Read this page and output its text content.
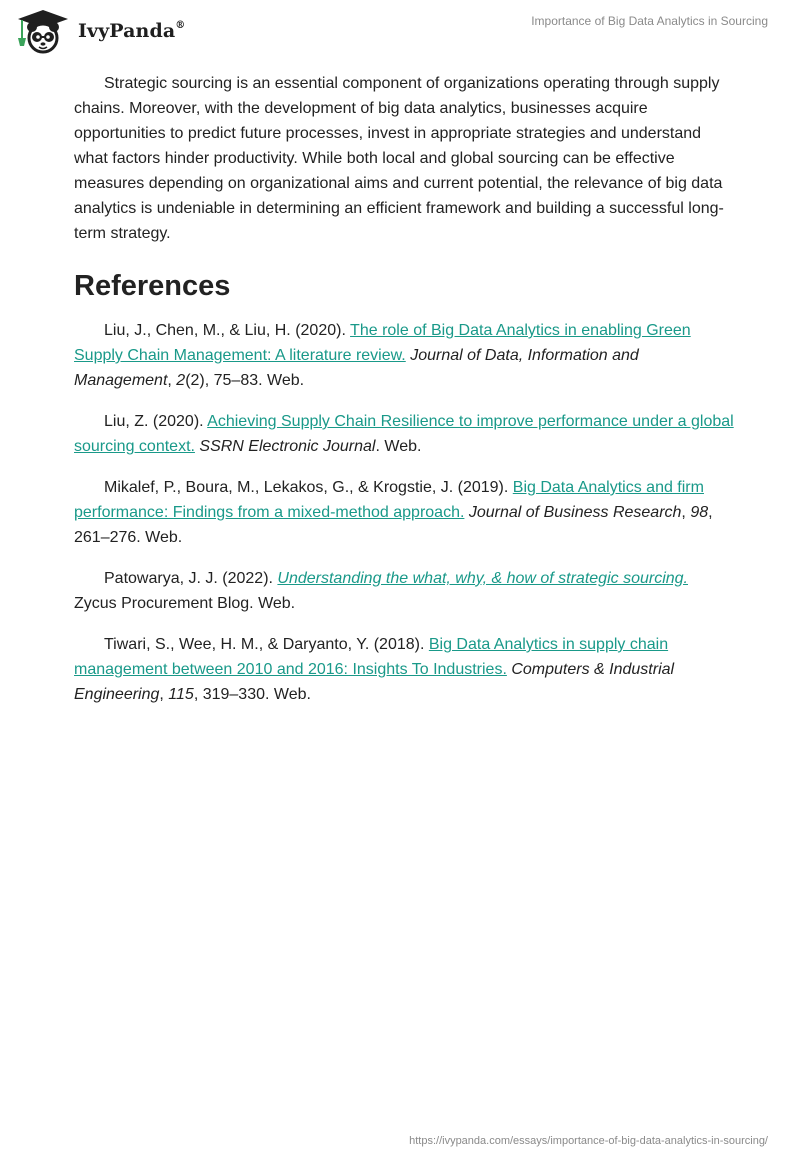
IvyPanda®	Importance of Big Data Analytics in Sourcing

Strategic sourcing is an essential component of organizations operating through supply chains. Moreover, with the development of big data analytics, businesses acquire opportunities to predict future processes, invest in appropriate strategies and understand what factors hinder productivity. While both local and global sourcing can be effective measures depending on organizational aims and current potential, the relevance of big data analytics is undeniable in determining an efficient framework and building a successful long-term strategy.

References

Liu, J., Chen, M., & Liu, H. (2020). The role of Big Data Analytics in enabling Green Supply Chain Management: A literature review. Journal of Data, Information and Management, 2(2), 75–83. Web.

Liu, Z. (2020). Achieving Supply Chain Resilience to improve performance under a global sourcing context. SSRN Electronic Journal. Web.

Mikalef, P., Boura, M., Lekakos, G., & Krogstie, J. (2019). Big Data Analytics and firm performance: Findings from a mixed-method approach. Journal of Business Research, 98, 261–276. Web.

Patowarya, J. J. (2022). Understanding the what, why, & how of strategic sourcing. Zycus Procurement Blog. Web.

Tiwari, S., Wee, H. M., & Daryanto, Y. (2018). Big Data Analytics in supply chain management between 2010 and 2016: Insights To Industries. Computers & Industrial Engineering, 115, 319–330. Web.

https://ivypanda.com/essays/importance-of-big-data-analytics-in-sourcing/
